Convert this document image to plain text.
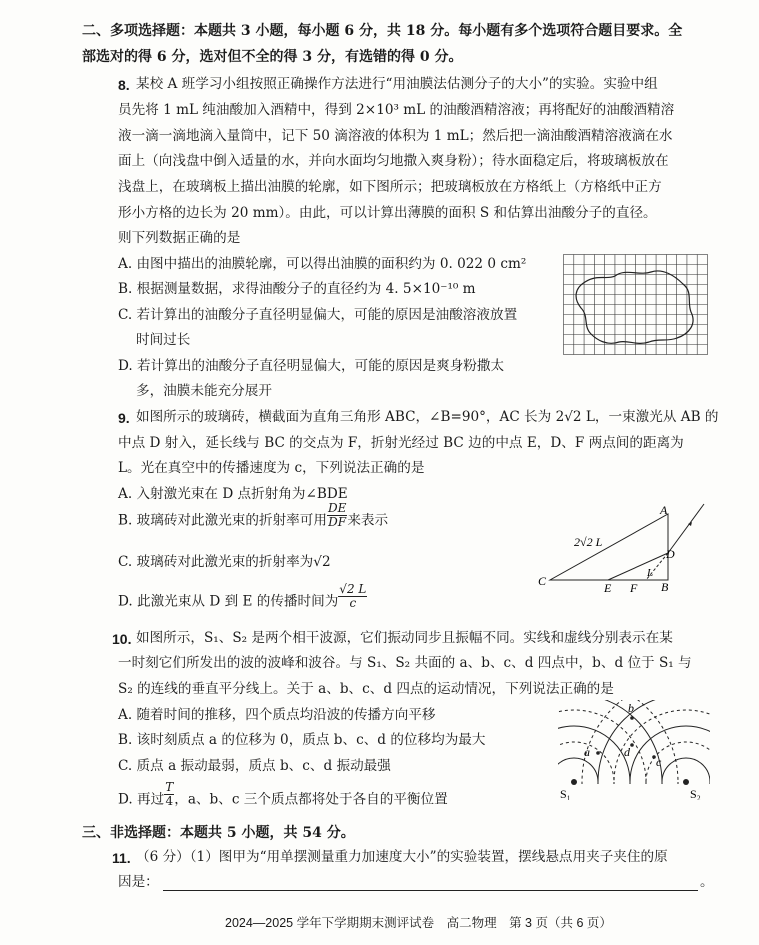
二、多项选择题：本题共 3 小题，每小题 6 分，共 18 分。每小题有多个选项符合题目要求。全
部选对的得 6 分，选对但不全的得 3 分，有选错的得 0 分。
8. 某校 A 班学习小组按照正确操作方法进行“用油膜法估测分子的大小”的实验。实验中组
员先将 1 mL 纯油酸加入酒精中，得到 2×10³ mL 的油酸酒精溶液；再将配好的油酸酒精溶
液一滴一滴地滴入量筒中，记下 50 滴溶液的体积为 1 mL；然后把一滴油酸酒精溶液滴在水
面上（向浅盘中倒入适量的水，并向水面均匀地撒入爽身粉）；待水面稳定后，将玻璃板放在
浅盘上，在玻璃板上描出油膜的轮廓，如下图所示；把玻璃板放在方格纸上（方格纸中正方
形小方格的边长为 20 mm）。由此，可以计算出薄膜的面积 S 和估算出油酸分子的直径。
则下列数据正确的是
A. 由图中描出的油膜轮廓，可以得出油膜的面积约为 0. 022 0 cm²
B. 根据测量数据，求得油酸分子的直径约为 4. 5×10⁻¹⁰ m
C. 若计算出的油酸分子直径明显偏大，可能的原因是油酸溶液放置
时间过长
D. 若计算出的油酸分子直径明显偏大，可能的原因是爽身粉撒太
多，油膜未能充分展开
9. 如图所示的玻璃砖，横截面为直角三角形 ABC，∠B=90°，AC 长为 2√2 L，一束激光从 AB 的
中点 D 射入，延长线与 BC 的交点为 F，折射光经过 BC 边的中点 E，D、F 两点间的距离为
L。光在真空中的传播速度为 c，下列说法正确的是
A. 入射激光束在 D 点折射角为∠BDE
B. 玻璃砖对此激光束的折射率可用 $\frac{DE}{DF}$ 来表示
C. 玻璃砖对此激光束的折射率为√2
D. 此激光束从 D 到 E 的传播时间为 $\frac{√2 L}{c}$
A
D
B
C	E F
L
2√2 L
10. 如图所示，S₁、S₂ 是两个相干波源，它们振动同步且振幅不同。实线和虚线分别表示在某
一时刻它们所发出的波的波峰和波谷。与 S₁、S₂ 共面的 a、b、c、d 四点中，b、d 位于 S₁ 与
S₂ 的连线的垂直平分线上。关于 a、b、c、d 四点的运动情况，下列说法正确的是
A. 随着时间的推移，四个质点均沿波的传播方向平移
B. 该时刻质点 a 的位移为 0，质点 b、c、d 的位移均为最大
C. 质点 a 振动最弱，质点 b、c、d 振动最强
D. 再过 $\frac{T}{4}$ ，a、b、c 三个质点都将处于各自的平衡位置	S₁	S₂
a
b
d
c
三、非选择题：本题共 5 小题，共 54 分。
11. （6 分）（1）图甲为“用单摆测量重力加速度大小”的实验装置，摆线悬点用夹子夹住的原
因是：	。
2024—2025 学年下学期期末测评试卷　高二物理　第 3 页（共 6 页）
